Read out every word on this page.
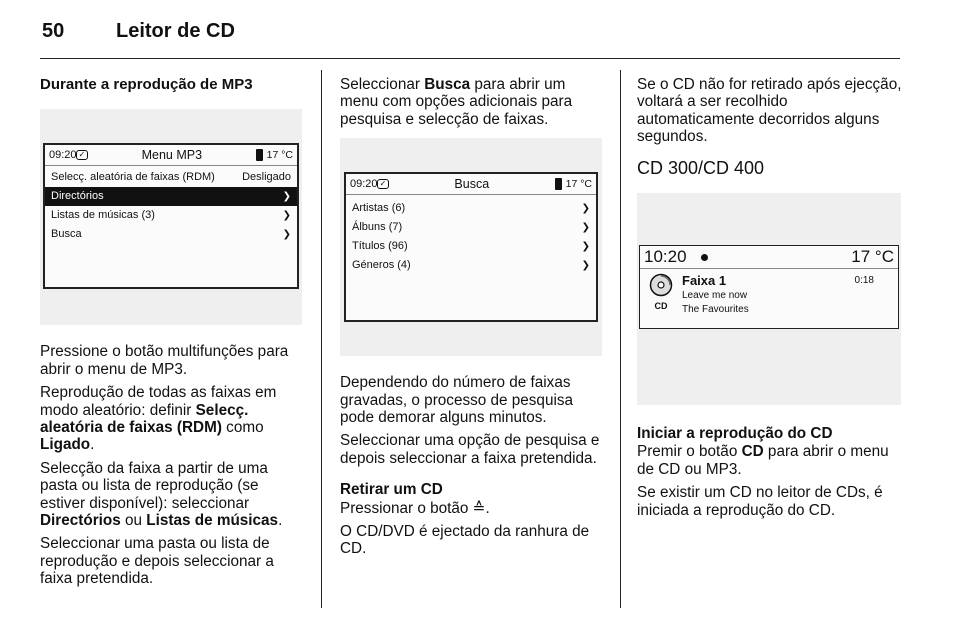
50	Leitor de CD
Durante a reprodução de MP3
09:20 ✓	Menu MP3	17 °C
Selecç. aleatória de faixas (RDM) Desligado
Directórios	❯
Listas de músicas (3)	❯
Busca	❯

Pressione o botão multifunções para abrir o menu de MP3.

Reprodução de todas as faixas em modo aleatório: definir Selecç. aleatória de faixas (RDM) como Ligado.

Selecção da faixa a partir de uma pasta ou lista de reprodução (se estiver disponível): seleccionar Directórios ou Listas de músicas.

Seleccionar uma pasta ou lista de reprodução e depois seleccionar a faixa pretendida.

Seleccionar Busca para abrir um menu com opções adicionais para pesquisa e selecção de faixas.

09:20 ✓	Busca	17 °C
Artistas (6)	❯
Álbuns (7)	❯
Títulos (96)	❯
Géneros (4)	❯

Dependendo do número de faixas gravadas, o processo de pesquisa pode demorar alguns minutos.

Seleccionar uma opção de pesquisa e depois seleccionar a faixa pretendida.

Retirar um CD

Pressionar o botão ≙.

O CD/DVD é ejectado da ranhura de CD.

Se o CD não for retirado após ejecção, voltará a ser recolhido automaticamente decorridos alguns segundos.

CD 300/CD 400
10:20	17 °C
CD
Faixa 1	0:18
Leave me now
The Favourites
Iniciar a reprodução do CD

Premir o botão CD para abrir o menu de CD ou MP3.

Se existir um CD no leitor de CDs, é iniciada a reprodução do CD.
